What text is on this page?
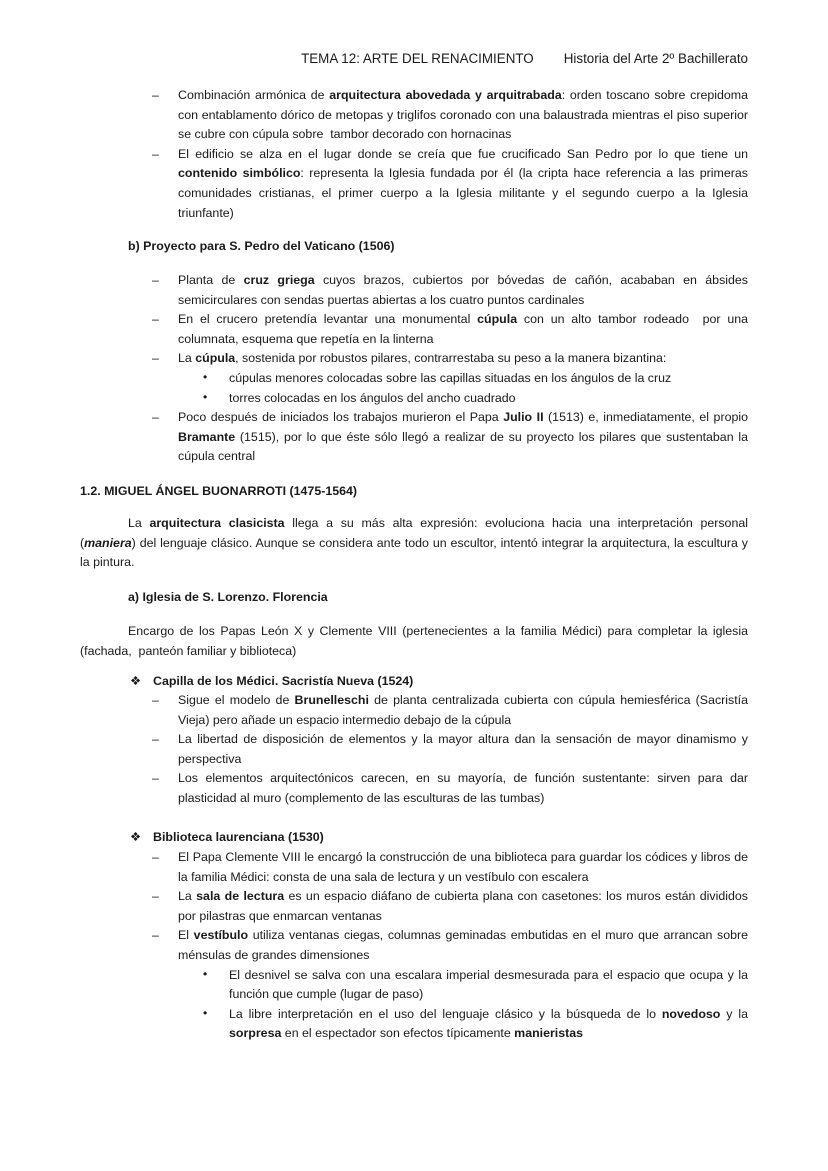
TEMA 12: ARTE DEL RENACIMIENTO Historia del Arte 2º Bachillerato
– Combinación armónica de arquitectura abovedada y arquitrabada: orden toscano sobre crepidoma con entablamento dórico de metopas y triglifos coronado con una balaustrada mientras el piso superior se cubre con cúpula sobre  tambor decorado con hornacinas
– El edificio se alza en el lugar donde se creía que fue crucificado San Pedro por lo que tiene un contenido simbólico: representa la Iglesia fundada por él (la cripta hace referencia a las primeras comunidades cristianas, el primer cuerpo a la Iglesia militante y el segundo cuerpo a la Iglesia triunfante)
b) Proyecto para S. Pedro del Vaticano (1506)
– Planta de cruz griega cuyos brazos, cubiertos por bóvedas de cañón, acababan en ábsides semicirculares con sendas puertas abiertas a los cuatro puntos cardinales
– En el crucero pretendía levantar una monumental cúpula con un alto tambor rodeado  por una columnata, esquema que repetía en la linterna
– La cúpula, sostenida por robustos pilares, contrarrestaba su peso a la manera bizantina:
• cúpulas menores colocadas sobre las capillas situadas en los ángulos de la cruz
• torres colocadas en los ángulos del ancho cuadrado
– Poco después de iniciados los trabajos murieron el Papa Julio II (1513) e, inmediatamente, el propio Bramante (1515), por lo que éste sólo llegó a realizar de su proyecto los pilares que sustentaban la cúpula central
1.2. MIGUEL ÁNGEL BUONARROTI (1475-1564)
La arquitectura clasicista llega a su más alta expresión: evoluciona hacia una interpretación personal (maniera) del lenguaje clásico. Aunque se considera ante todo un escultor, intentó integrar la arquitectura, la escultura y la pintura.
a) Iglesia de S. Lorenzo. Florencia
Encargo de los Papas León X y Clemente VIII (pertenecientes a la familia Médici) para completar la iglesia (fachada,  panteón familiar y biblioteca)
❖ Capilla de los Médici. Sacristía Nueva (1524)
– Sigue el modelo de Brunelleschi de planta centralizada cubierta con cúpula hemiesférica (Sacristía Vieja) pero añade un espacio intermedio debajo de la cúpula
– La libertad de disposición de elementos y la mayor altura dan la sensación de mayor dinamismo y perspectiva
– Los elementos arquitectónicos carecen, en su mayoría, de función sustentante: sirven para dar plasticidad al muro (complemento de las esculturas de las tumbas)
❖ Biblioteca laurenciana (1530)
– El Papa Clemente VIII le encargó la construcción de una biblioteca para guardar los códices y libros de la familia Médici: consta de una sala de lectura y un vestíbulo con escalera
– La sala de lectura es un espacio diáfano de cubierta plana con casetones: los muros están divididos por pilastras que enmarcan ventanas
– El vestíbulo utiliza ventanas ciegas, columnas geminadas embutidas en el muro que arrancan sobre ménsulas de grandes dimensiones
• El desnivel se salva con una escalara imperial desmesurada para el espacio que ocupa y la función que cumple (lugar de paso)
• La libre interpretación en el uso del lenguaje clásico y la búsqueda de lo novedoso y la sorpresa en el espectador son efectos típicamente manieristas
